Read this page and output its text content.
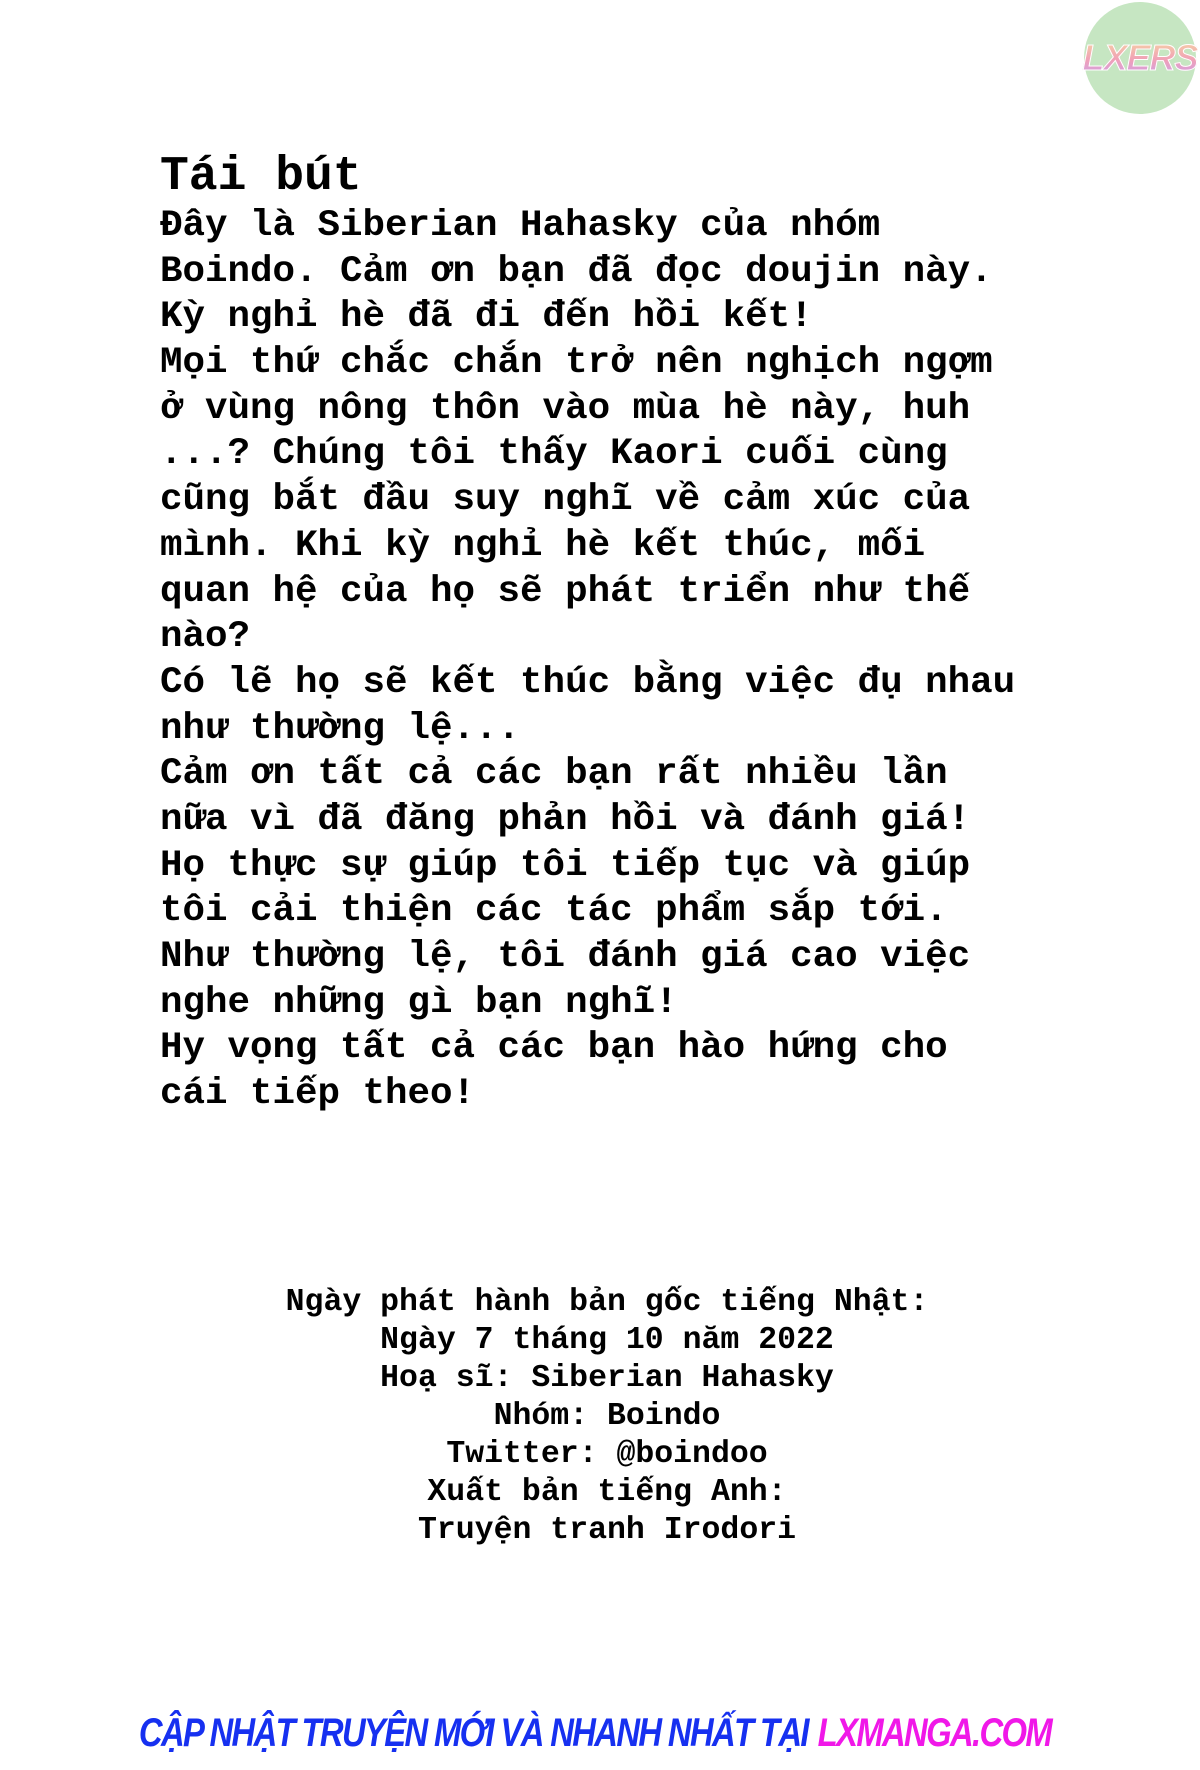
LXERS
Tái bút
Đây là Siberian Hahasky của nhóm
Boindo. Cảm ơn bạn đã đọc doujin này.
Kỳ nghỉ hè đã đi đến hồi kết!
Mọi thứ chắc chắn trở nên nghịch ngợm
ở vùng nông thôn vào mùa hè này, huh
...? Chúng tôi thấy Kaori cuối cùng
cũng bắt đầu suy nghĩ về cảm xúc của
mình. Khi kỳ nghỉ hè kết thúc, mối
quan hệ của họ sẽ phát triển như thế
nào?
Có lẽ họ sẽ kết thúc bằng việc đụ nhau
như thường lệ...
Cảm ơn tất cả các bạn rất nhiều lần
nữa vì đã đăng phản hồi và đánh giá!
Họ thực sự giúp tôi tiếp tục và giúp
tôi cải thiện các tác phẩm sắp tới.
Như thường lệ, tôi đánh giá cao việc
nghe những gì bạn nghĩ!
Hy vọng tất cả các bạn hào hứng cho
cái tiếp theo!
Ngày phát hành bản gốc tiếng Nhật:
Ngày 7 tháng 10 năm 2022
Hoạ sĩ: Siberian Hahasky
Nhóm: Boindo
Twitter: @boindoo
Xuất bản tiếng Anh:
Truyện tranh Irodori
CẬP NHẬT TRUYỆN MỚI VÀ NHANH NHẤT TẠI LXMANGA.COM
